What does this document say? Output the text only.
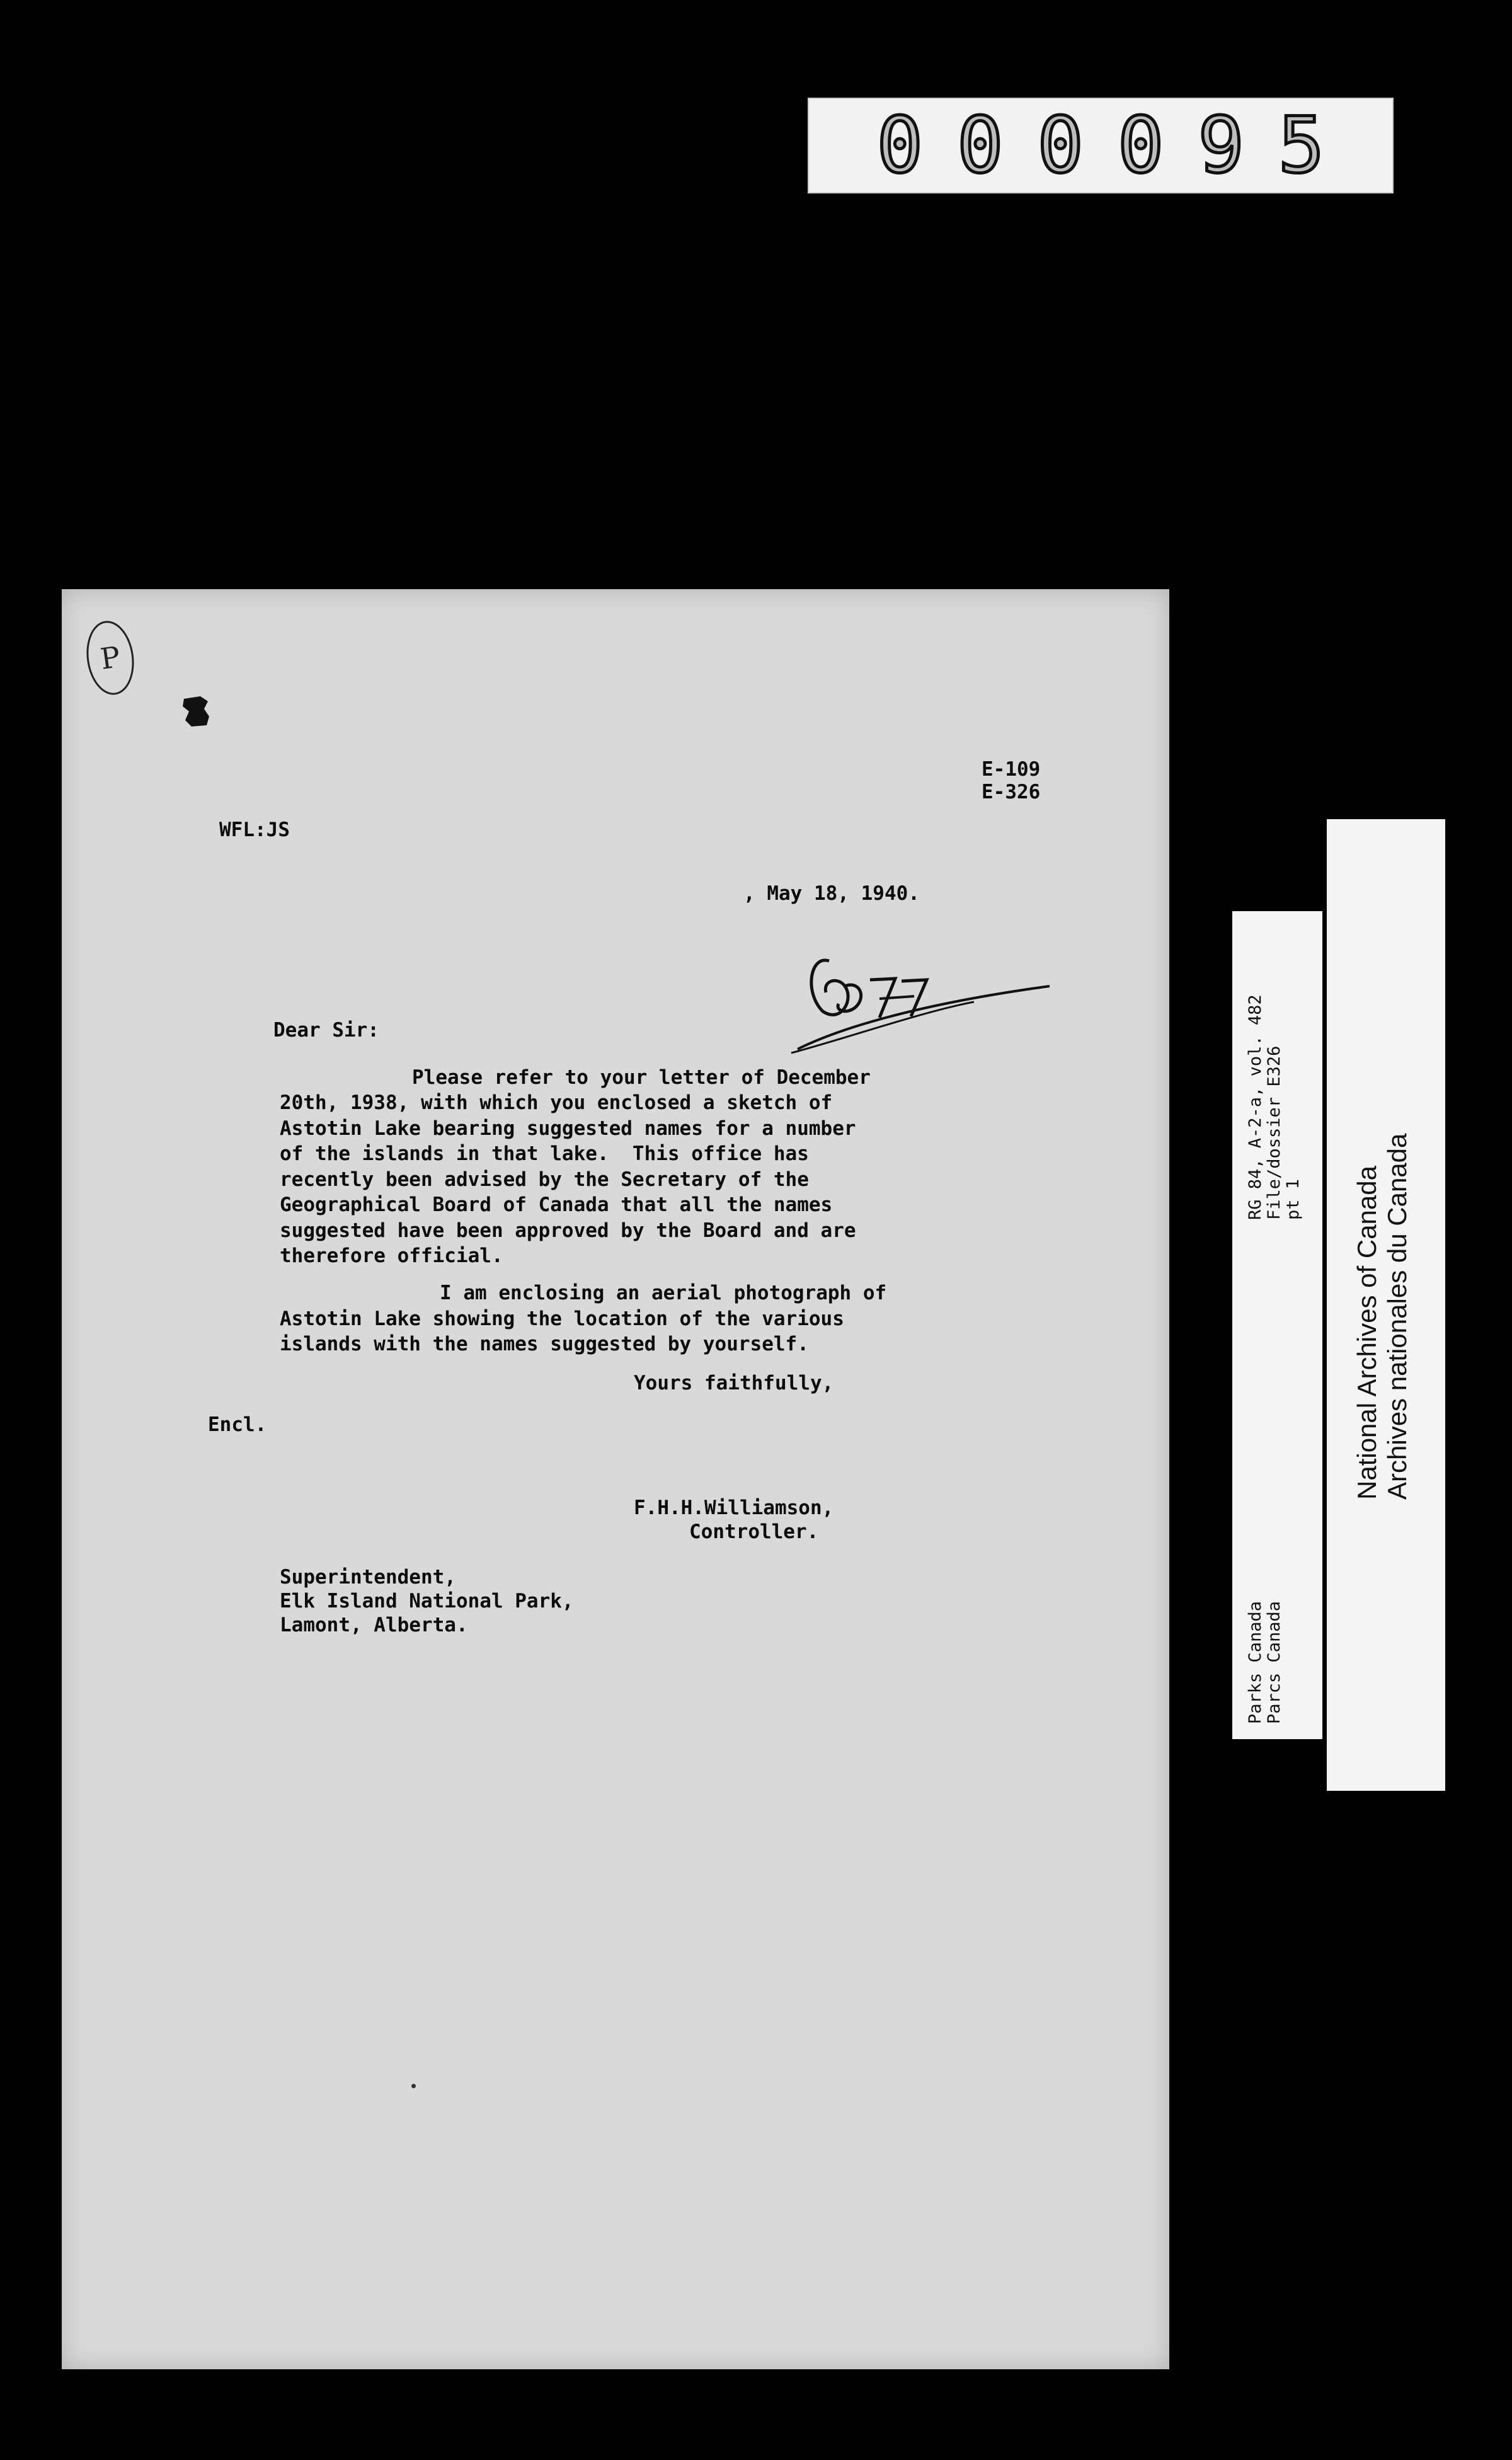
000095
P

E-109

E-326

WFL:JS

, May 18, 1940.

Dear Sir:

Please refer to your letter of December

20th, 1938, with which you enclosed a sketch of

Astotin Lake bearing suggested names for a number

of the islands in that lake.  This office has

recently been advised by the Secretary of the

Geographical Board of Canada that all the names

suggested have been approved by the Board and are

therefore official.

I am enclosing an aerial photograph of

Astotin Lake showing the location of the various

islands with the names suggested by yourself.

Yours faithfully,

Encl.

F.H.H.Williamson,

Controller.

Superintendent,

Elk Island National Park,

Lamont, Alberta.

RG 84, A-2-a, vol. 482 File/dossier E326 pt 1

Parks Canada Parcs Canada

National Archives of Canada Archives nationales du Canada
